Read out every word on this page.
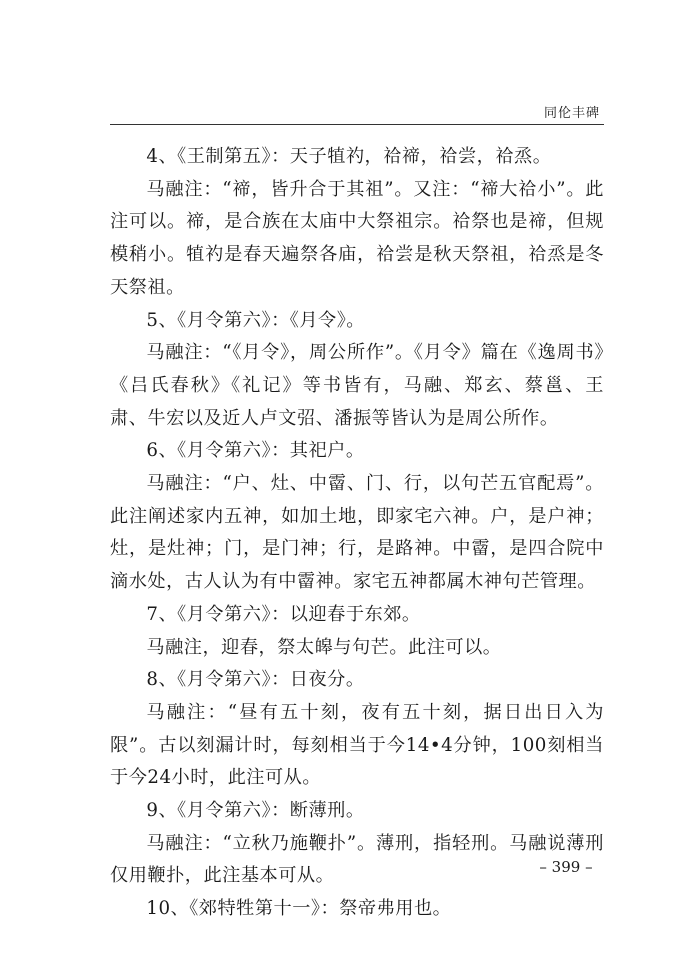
同伦丰碑

4、《王制第五》：天子犆礿，祫禘，祫尝，祫烝。

马融注：“禘，皆升合于其祖”。又注：“禘大祫小”。此注可以。禘，是合族在太庙中大祭祖宗。祫祭也是禘，但规模稍小。犆礿是春天遍祭各庙，祫尝是秋天祭祖，祫烝是冬天祭祖。

5、《月令第六》：《月令》。

马融注：“《月令》，周公所作”。《月令》篇在《逸周书》《吕氏春秋》《礼记》等书皆有，马融、郑玄、蔡邕、王肃、牛宏以及近人卢文弨、潘振等皆认为是周公所作。

6、《月令第六》：其祀户。

马融注：“户、灶、中霤、门、行，以句芒五官配焉”。此注阐述家内五神，如加土地，即家宅六神。户，是户神；灶，是灶神；门，是门神；行，是路神。中霤，是四合院中滴水处，古人认为有中霤神。家宅五神都属木神句芒管理。

7、《月令第六》：以迎春于东郊。

马融注，迎春，祭太皞与句芒。此注可以。

8、《月令第六》：日夜分。

马融注：“昼有五十刻，夜有五十刻，据日出日入为限”。古以刻漏计时，每刻相当于今14•4分钟，100刻相当于今24小时，此注可从。

9、《月令第六》：断薄刑。

马融注：“立秋乃施鞭扑”。薄刑，指轻刑。马融说薄刑仅用鞭扑，此注基本可从。

10、《郊特牲第十一》：祭帝弗用也。

– 399 –
